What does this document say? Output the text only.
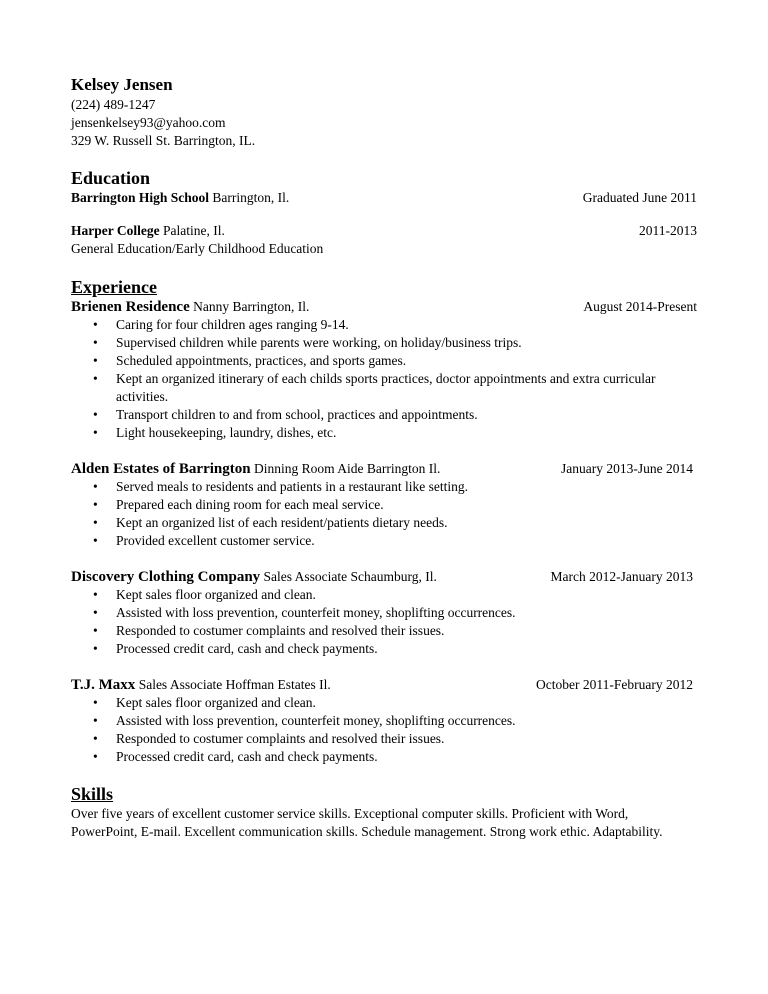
Kelsey Jensen
(224) 489-1247
jensenkelsey93@yahoo.com
329 W. Russell St. Barrington, IL.
Education
Barrington High School Barrington, Il.	Graduated June 2011
Harper College Palatine, Il.	2011-2013
General Education/Early Childhood Education
Experience
Brienen Residence Nanny Barrington, Il.	August 2014-Present
• Caring for four children ages ranging 9-14.
• Supervised children while parents were working, on holiday/business trips.
• Scheduled appointments, practices, and sports games.
• Kept an organized itinerary of each childs sports practices, doctor appointments and extra curricular activities.
• Transport children to and from school, practices and appointments.
• Light housekeeping, laundry, dishes, etc.
Alden Estates of Barrington Dinning Room Aide Barrington Il.	January 2013-June 2014
• Served meals to residents and patients in a restaurant like setting.
• Prepared each dining room for each meal service.
• Kept an organized list of each resident/patients dietary needs.
• Provided excellent customer service.
Discovery Clothing Company Sales Associate Schaumburg, Il.	March 2012-January 2013
• Kept sales floor organized and clean.
• Assisted with loss prevention, counterfeit money, shoplifting occurrences.
• Responded to costumer complaints and resolved their issues.
• Processed credit card, cash and check payments.
T.J. Maxx Sales Associate Hoffman Estates Il.	October 2011-February 2012
• Kept sales floor organized and clean.
• Assisted with loss prevention, counterfeit money, shoplifting occurrences.
• Responded to costumer complaints and resolved their issues.
• Processed credit card, cash and check payments.
Skills
Over five years of excellent customer service skills. Exceptional computer skills. Proficient with Word, PowerPoint, E-mail. Excellent communication skills. Schedule management. Strong work ethic. Adaptability.
